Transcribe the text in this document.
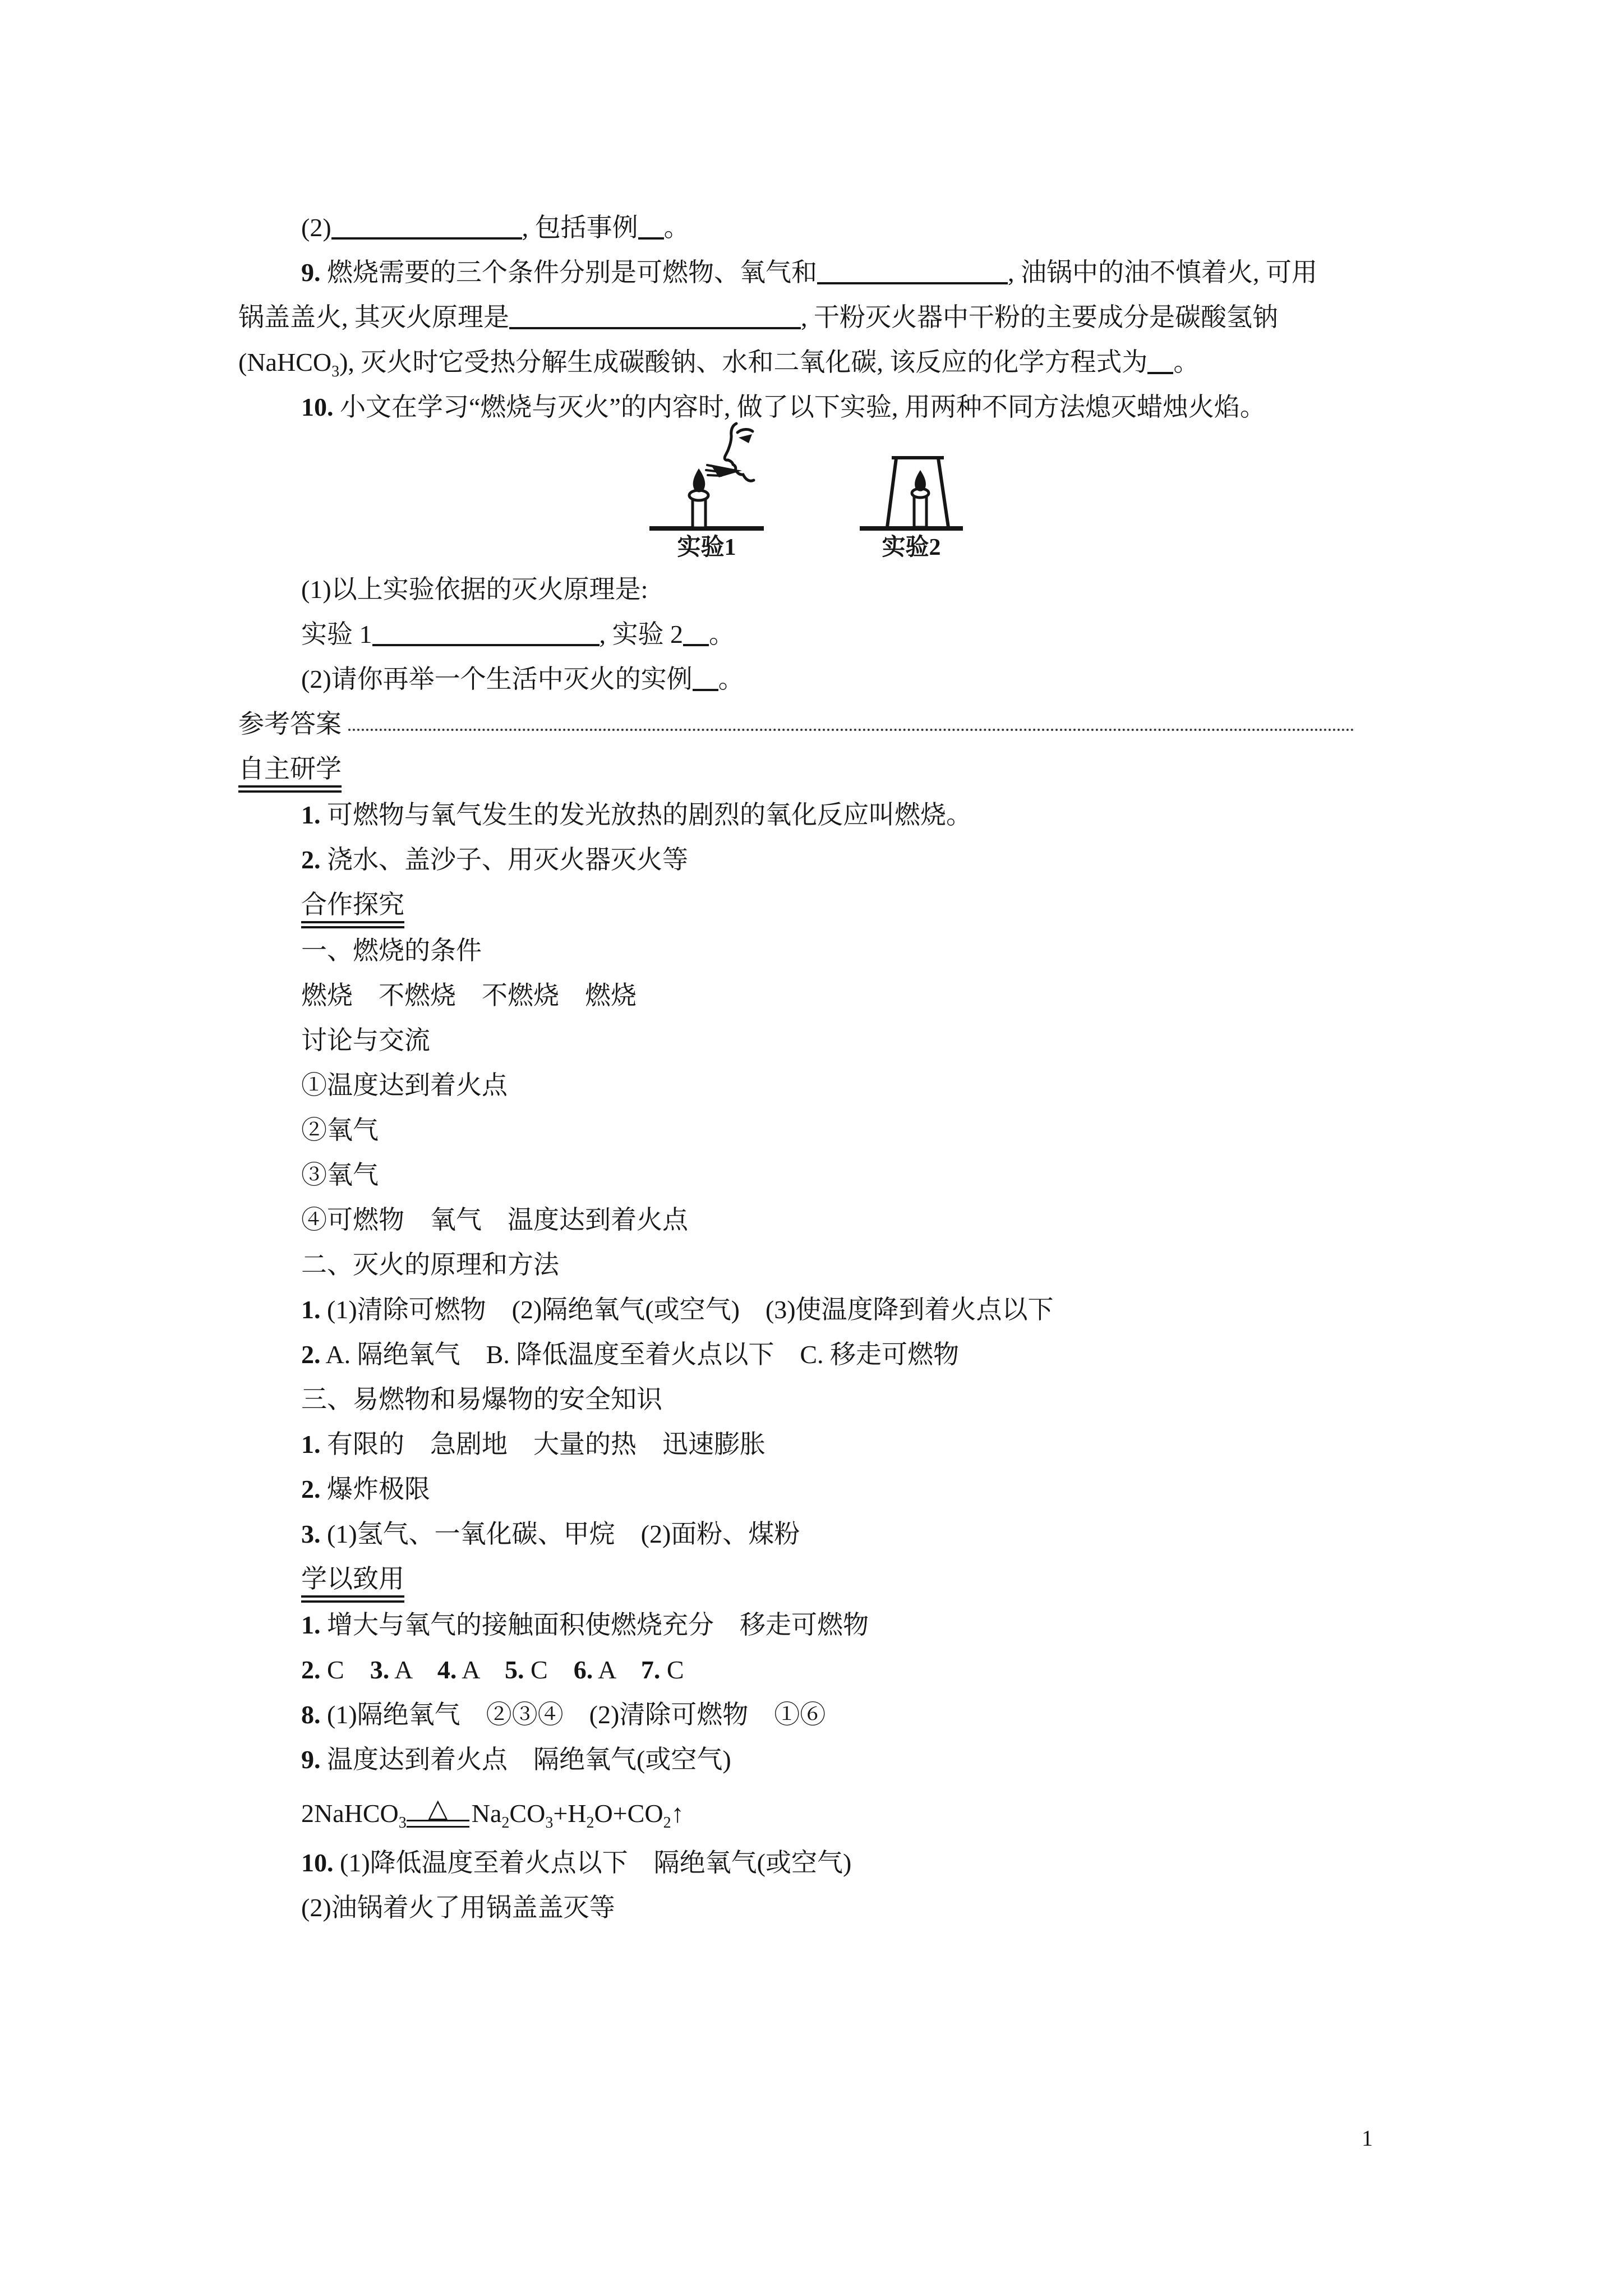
(2)	, 包括事例 。
9. 燃烧需要的三个条件分别是可燃物、氧气和	, 油锅中的油不慎着火, 可用
锅盖盖火, 其灭火原理是	, 干粉灭火器中干粉的主要成分是碳酸氢钠
(NaHCO$_3$), 灭火时它受热分解生成碳酸钠、水和二氧化碳, 该反应的化学方程式为 。
10. 小文在学习“燃烧与灭火”的内容时, 做了以下实验, 用两种不同方法熄灭蜡烛火焰。
实验1	实验2
(1)以上实验依据的灭火原理是:
实验 1	, 实验 2 。
(2)请你再举一个生活中灭火的实例 。
参考答案
自主研学
1. 可燃物与氧气发生的发光放热的剧烈的氧化反应叫燃烧。
2. 浇水、盖沙子、用灭火器灭火等
合作探究
一、燃烧的条件
燃烧　不燃烧　不燃烧　燃烧
讨论与交流
①温度达到着火点
②氧气
③氧气
④可燃物　氧气　温度达到着火点
二、灭火的原理和方法
1. (1)清除可燃物　(2)隔绝氧气(或空气)　(3)使温度降到着火点以下
2. A. 隔绝氧气　B. 降低温度至着火点以下　C. 移走可燃物
三、易燃物和易爆物的安全知识
1. 有限的　急剧地　大量的热　迅速膨胀
2. 爆炸极限
3. (1)氢气、一氧化碳、甲烷　(2)面粉、煤粉
学以致用
1. 增大与氧气的接触面积使燃烧充分　移走可燃物
2. C　3. A　4. A　5. C　6. A　7. C
8. (1)隔绝氧气　②③④　(2)清除可燃物　①⑥
9. 温度达到着火点　隔绝氧气(或空气)
2NaHCO$_3$ △ $Na_2CO_3+H_2O+CO_2↑$
10. (1)降低温度至着火点以下　隔绝氧气(或空气)
(2)油锅着火了用锅盖盖灭等
1
